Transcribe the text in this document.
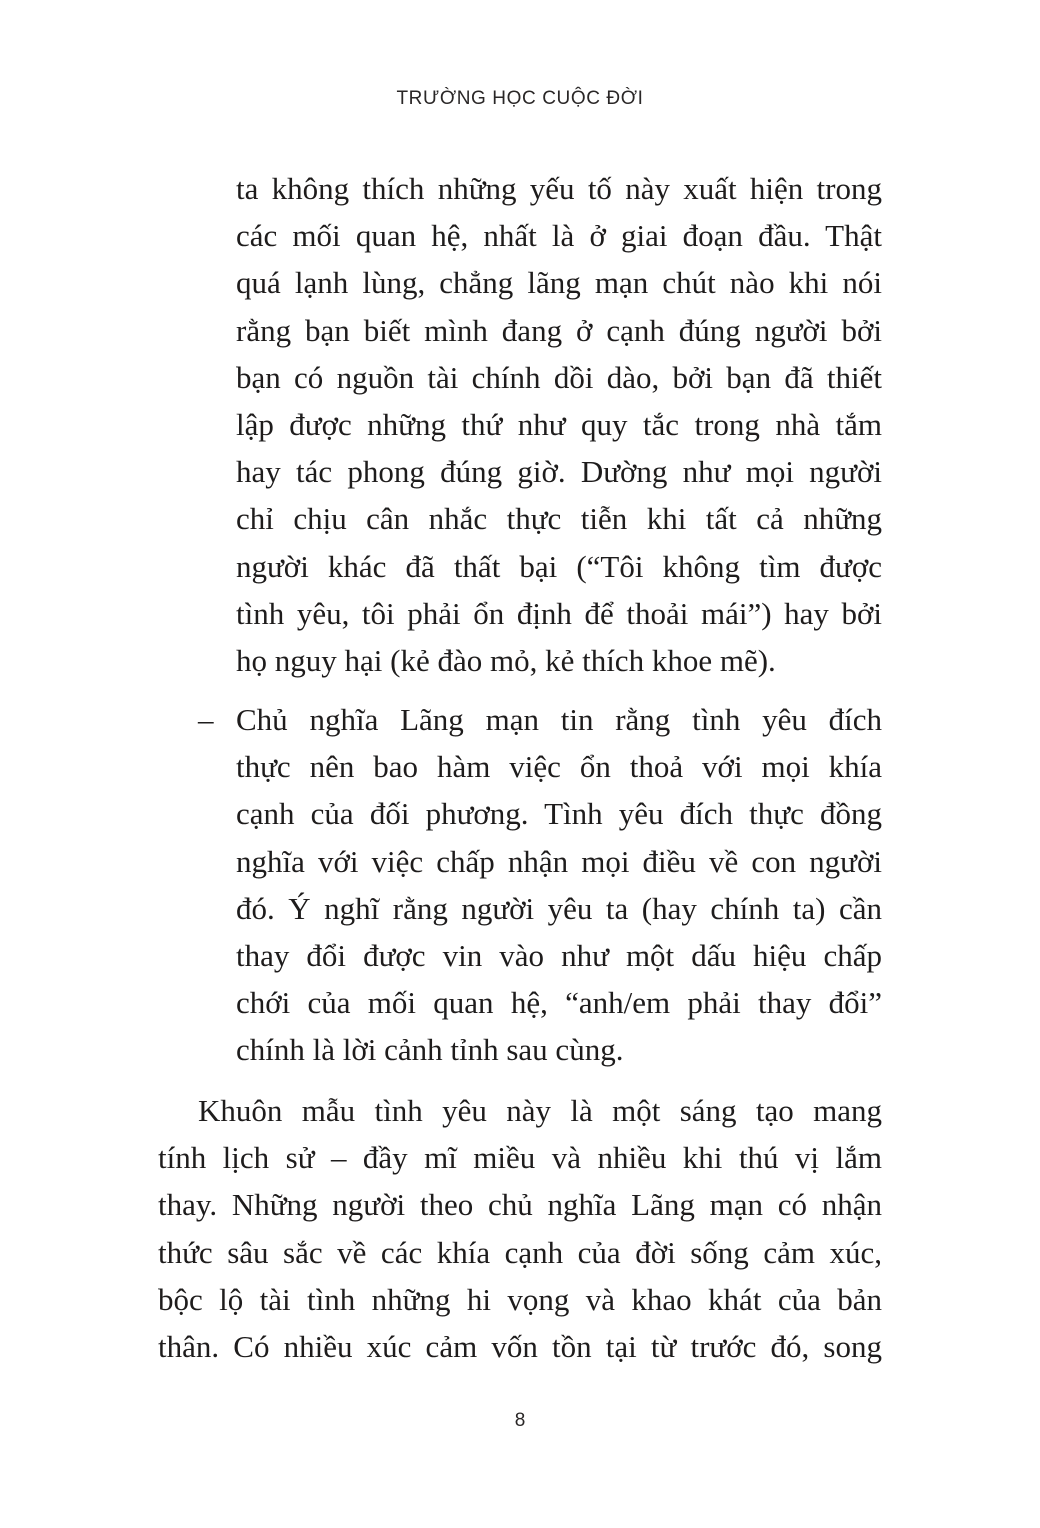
TRƯỜNG HỌC CUỘC ĐỜI
ta không thích những yếu tố này xuất hiện trong
các mối quan hệ, nhất là ở giai đoạn đầu. Thật
quá lạnh lùng, chẳng lãng mạn chút nào khi nói
rằng bạn biết mình đang ở cạnh đúng người bởi
bạn có nguồn tài chính dồi dào, bởi bạn đã thiết
lập được những thứ như quy tắc trong nhà tắm
hay tác phong đúng giờ. Dường như mọi người
chỉ chịu cân nhắc thực tiễn khi tất cả những
người khác đã thất bại (“Tôi không tìm được
tình yêu, tôi phải ổn định để thoải mái”) hay bởi
họ nguy hại (kẻ đào mỏ, kẻ thích khoe mẽ).
– Chủ nghĩa Lãng mạn tin rằng tình yêu đích
thực nên bao hàm việc ổn thoả với mọi khía
cạnh của đối phương. Tình yêu đích thực đồng
nghĩa với việc chấp nhận mọi điều về con người
đó. Ý nghĩ rằng người yêu ta (hay chính ta) cần
thay đổi được vin vào như một dấu hiệu chấp
chới của mối quan hệ, “anh/em phải thay đổi”
chính là lời cảnh tỉnh sau cùng.
Khuôn mẫu tình yêu này là một sáng tạo mang
tính lịch sử – đầy mĩ miều và nhiều khi thú vị lắm
thay. Những người theo chủ nghĩa Lãng mạn có nhận
thức sâu sắc về các khía cạnh của đời sống cảm xúc,
bộc lộ tài tình những hi vọng và khao khát của bản
thân. Có nhiều xúc cảm vốn tồn tại từ trước đó, song
8
